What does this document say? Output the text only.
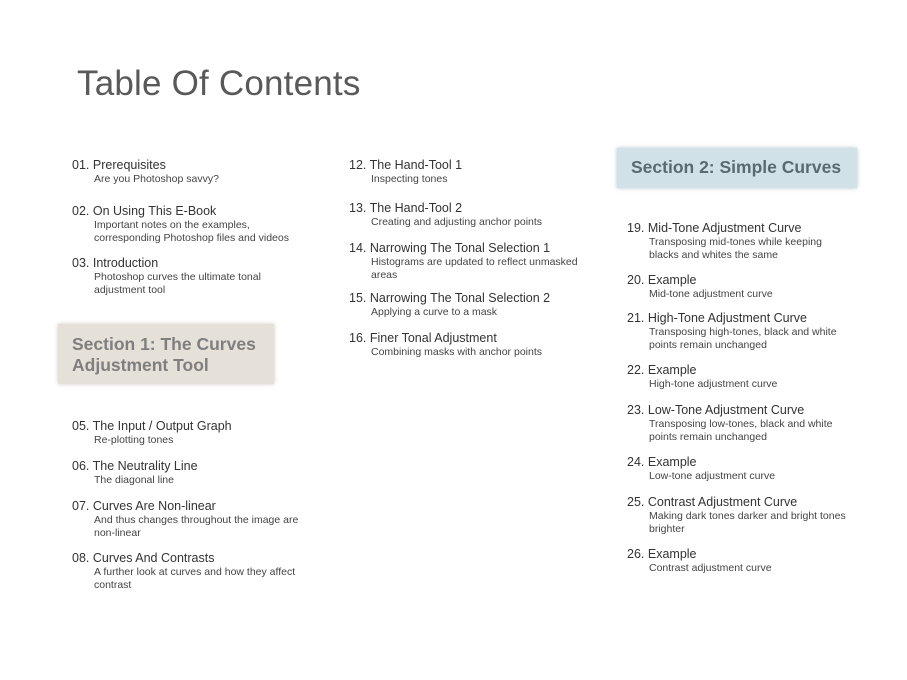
Table Of Contents
Section 1: The Curves Adjustment Tool
Section 2: Simple Curves
01. Prerequisites
Are you Photoshop savvy?
02. On Using This E-Book
Important notes on the examples, corresponding Photoshop files and videos
03. Introduction
Photoshop curves the ultimate tonal adjustment tool
05. The Input / Output Graph
Re-plotting tones
06. The Neutrality Line
The diagonal line
07. Curves Are Non-linear
And thus changes throughout the image are non-linear
08. Curves And Contrasts
A further look at curves and how they affect contrast
12. The Hand-Tool 1
Inspecting tones
13. The Hand-Tool 2
Creating and adjusting anchor points
14. Narrowing The Tonal Selection 1
Histograms are updated to reflect unmasked areas
15. Narrowing The Tonal Selection 2
Applying a curve to a mask
16. Finer Tonal Adjustment
Combining masks with anchor points
19. Mid-Tone Adjustment Curve
Transposing mid-tones while keeping blacks and whites the same
20. Example
Mid-tone adjustment curve
21. High-Tone Adjustment Curve
Transposing high-tones, black and white points remain unchanged
22. Example
High-tone adjustment curve
23. Low-Tone Adjustment Curve
Transposing low-tones, black and white points remain unchanged
24. Example
Low-tone adjustment curve
25. Contrast Adjustment Curve
Making dark tones darker and bright tones brighter
26. Example
Contrast adjustment curve
